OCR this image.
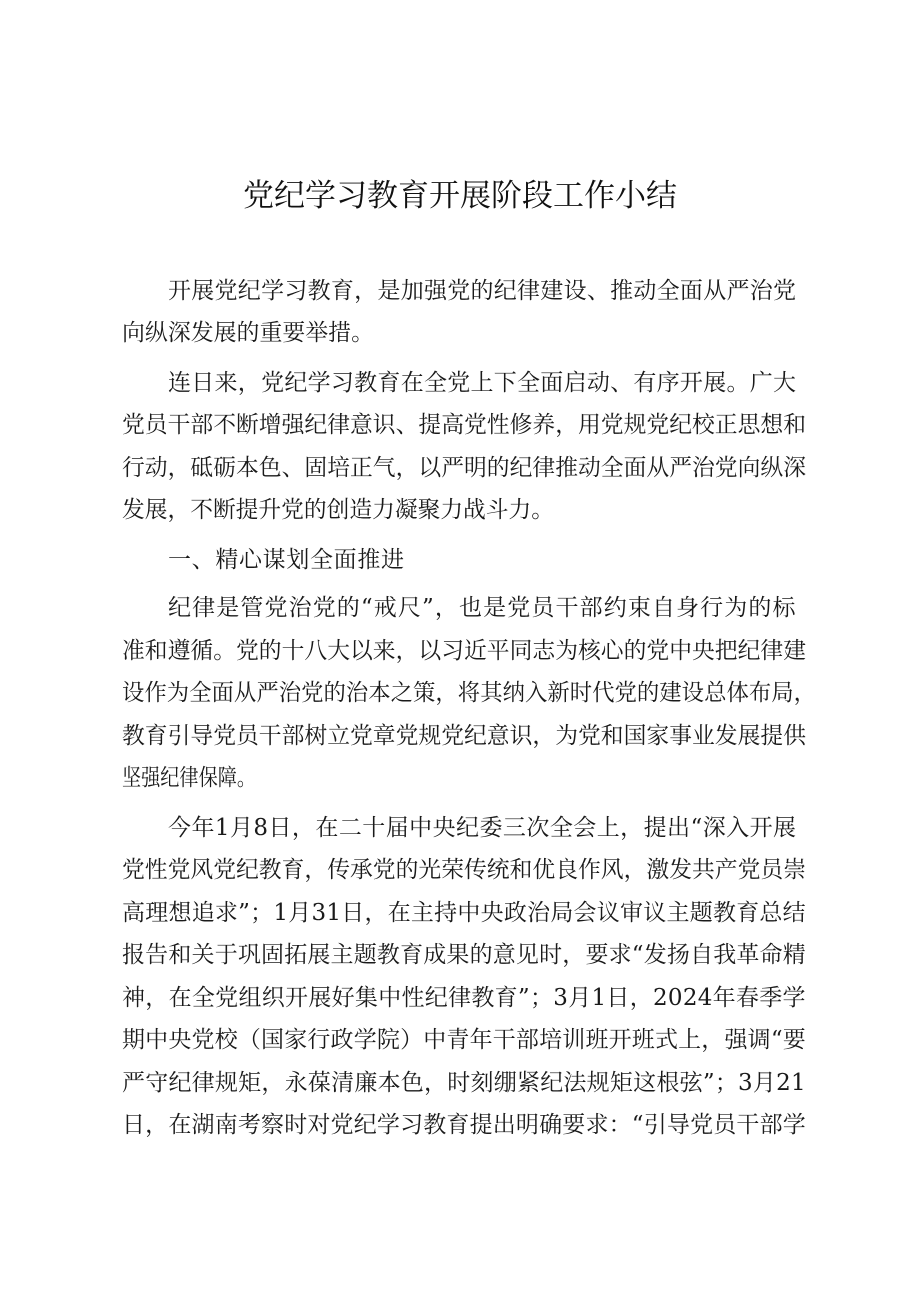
党纪学习教育开展阶段工作小结
开展党纪学习教育，是加强党的纪律建设、推动全面从严治党
向纵深发展的重要举措。
连日来，党纪学习教育在全党上下全面启动、有序开展。广大
党员干部不断增强纪律意识、提高党性修养，用党规党纪校正思想和
行动，砥砺本色、固培正气，以严明的纪律推动全面从严治党向纵深
发展，不断提升党的创造力凝聚力战斗力。
一、精心谋划全面推进
纪律是管党治党的“戒尺”，也是党员干部约束自身行为的标
准和遵循。党的十八大以来，以习近平同志为核心的党中央把纪律建
设作为全面从严治党的治本之策，将其纳入新时代党的建设总体布局，
教育引导党员干部树立党章党规党纪意识，为党和国家事业发展提供
坚强纪律保障。
今年1月8日，在二十届中央纪委三次全会上，提出“深入开展
党性党风党纪教育，传承党的光荣传统和优良作风，激发共产党员崇
高理想追求”；1月31日，在主持中央政治局会议审议主题教育总结
报告和关于巩固拓展主题教育成果的意见时，要求“发扬自我革命精
神，在全党组织开展好集中性纪律教育”；3月1日，2024年春季学
期中央党校（国家行政学院）中青年干部培训班开班式上，强调“要
严守纪律规矩，永葆清廉本色，时刻绷紧纪法规矩这根弦”；3月21
日，在湖南考察时对党纪学习教育提出明确要求：“引导党员干部学
